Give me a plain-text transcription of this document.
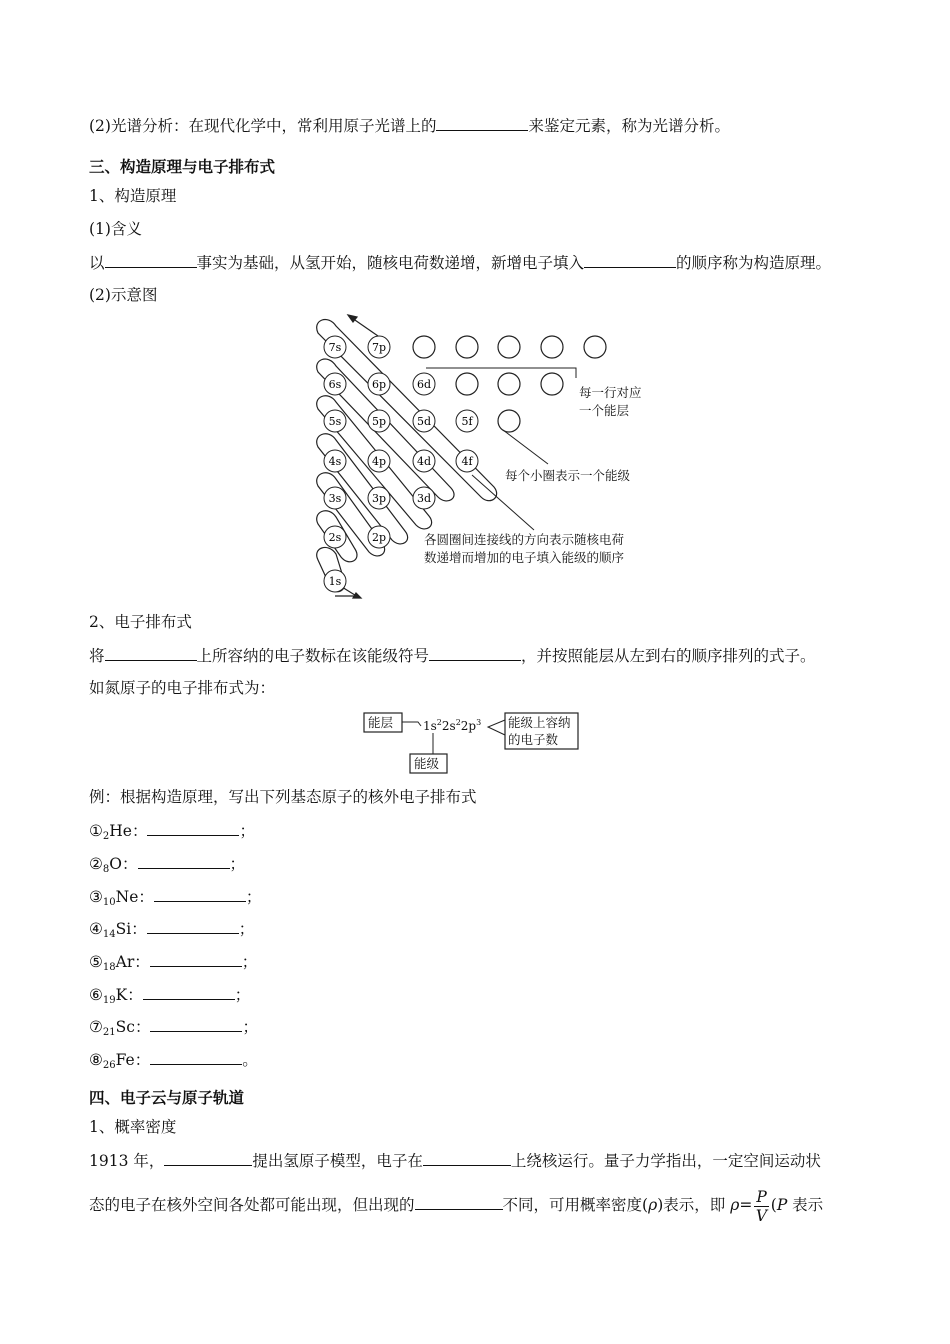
(2)光谱分析：在现代化学中，常利用原子光谱上的	来鉴定元素，称为光谱分析。
三、构造原理与电子排布式
1、构造原理
(1)含义
以	事实为基础，从氢开始，随核电荷数递增，新增电子填入	的顺序称为构造原理。
(2)示意图
7s	7p
6s	6p	6d
5s	5p	5d	5f
4s	4p	4d	4f
3s	3p	3d
2s	2p
1s
每一行对应
一个能层
每个小圈表示一个能级
各圆圈间连接线的方向表示随核电荷
数递增而增加的电子填入能级的顺序
2、电子排布式
将	上所容纳的电子数标在该能级符号	，并按照能层从左到右的顺序排列的式子。
如氮原子的电子排布式为：
能层
能级
能级上容纳
的电子数
$1s^22s^22p^3$
例：根据构造原理，写出下列基态原子的核外电子排布式
$①_2He$：	；
$②_8O$：	；
$③_{10}Ne$：	；
$④_{14}Si$：	；
$⑤_{18}Ar$：	；
$⑥_{19}K$：	；
$⑦_{21}Sc$：	；
$⑧_{26}Fe$：	。
四、电子云与原子轨道
1、概率密度
1913 年，	提出氢原子模型，电子在	上绕核运行。量子力学指出，一定空间运动状
态的电子在核外空间各处都可能出现，但出现的	不同，可用概率密度(ρ)表示，即 $\rho= \frac{P}{V} (P$ 表示
